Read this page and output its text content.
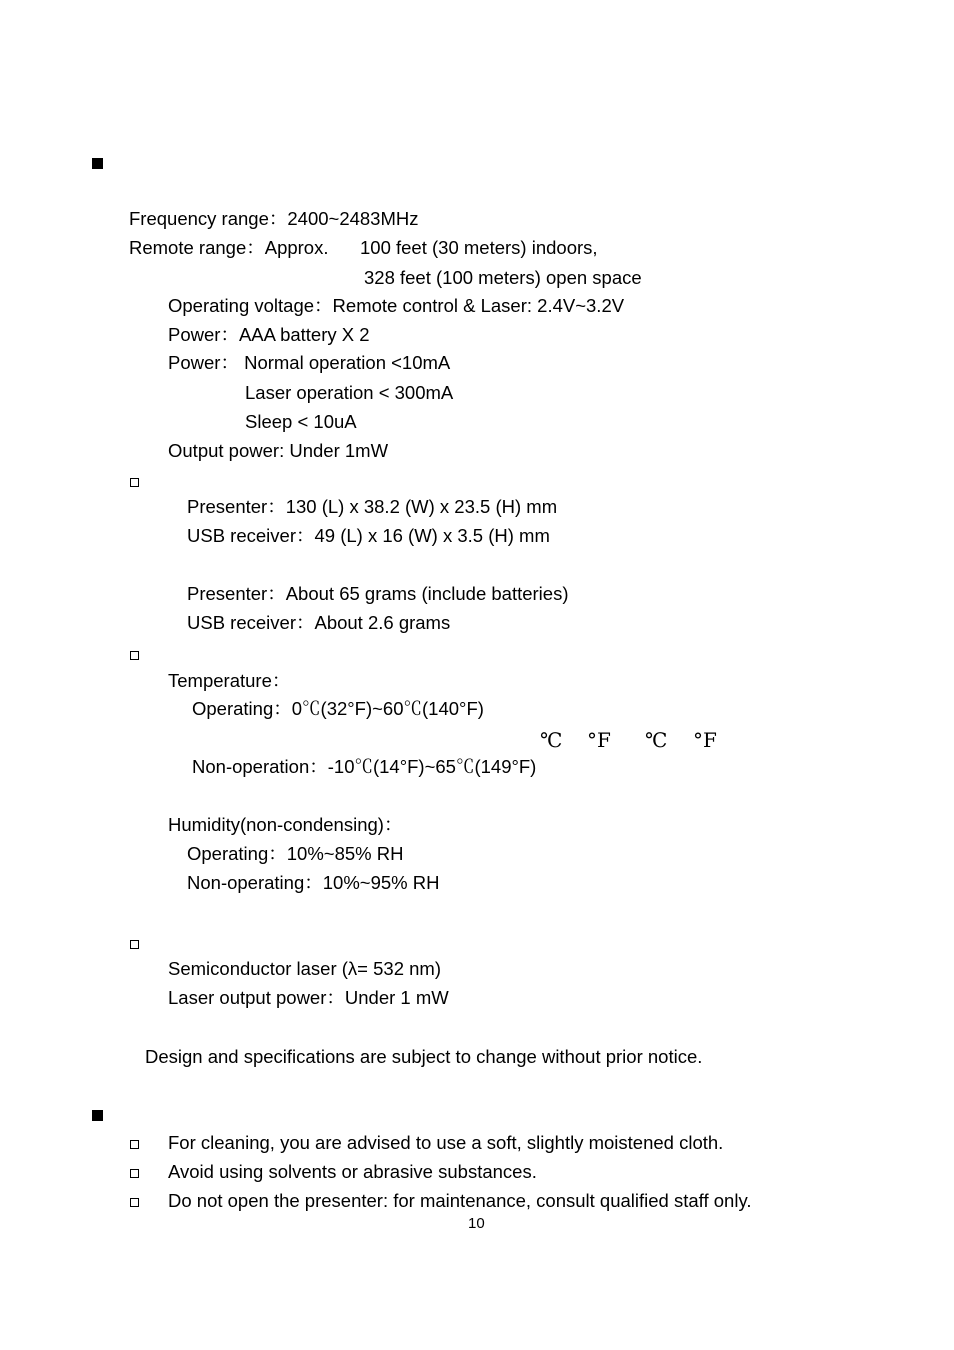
Frequency range：2400~2483MHz
Remote range：Approx. 100 feet (30 meters) indoors,
328 feet (100 meters) open space
Operating voltage：Remote control & Laser: 2.4V~3.2V
Power：AAA battery X 2
Power： Normal operation <10mA
Laser operation < 300mA
Sleep < 10uA
Output power: Under 1mW
Presenter：130 (L) x 38.2 (W) x 23.5 (H) mm
USB receiver：49 (L) x 16 (W) x 3.5 (H) mm
Presenter：About 65 grams (include batteries)
USB receiver：About 2.6 grams
Temperature：
Operating：0℃(32°F)~60℃(140°F)
℃ °F ℃ °F
Non-operation：-10℃(14°F)~65℃(149°F)
Humidity(non-condensing)：
Operating：10%~85% RH
Non-operating：10%~95% RH
Semiconductor laser (λ= 532 nm)
Laser output power：Under 1 mW
Design and specifications are subject to change without prior notice.
For cleaning, you are advised to use a soft, slightly moistened cloth.
Avoid using solvents or abrasive substances.
Do not open the presenter: for maintenance, consult qualified staff only.
10
